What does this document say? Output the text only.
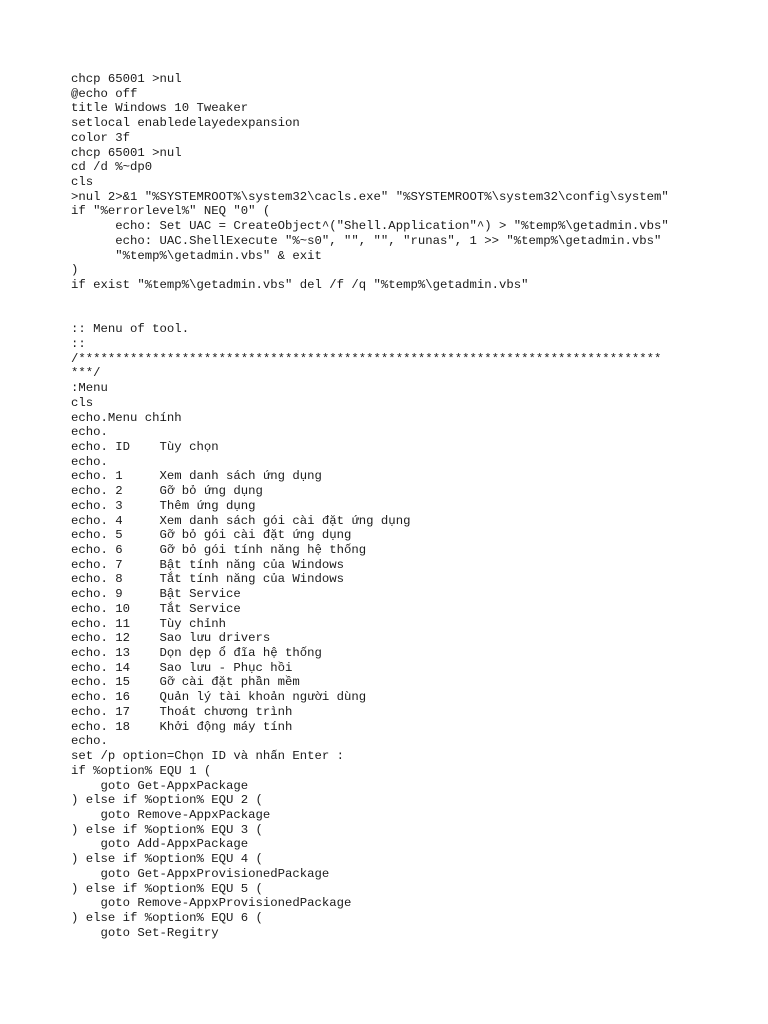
chcp 65001 >nul
@echo off
title Windows 10 Tweaker
setlocal enabledelayedexpansion
color 3f
chcp 65001 >nul
cd /d %~dp0
cls
>nul 2>&1 "%SYSTEMROOT%\system32\cacls.exe" "%SYSTEMROOT%\system32\config\system"
if "%errorlevel%" NEQ "0" (
echo: Set UAC = CreateObject^("Shell.Application"^) > "%temp%\getadmin.vbs"
echo: UAC.ShellExecute "%~s0", "", "", "runas", 1 >> "%temp%\getadmin.vbs"
"%temp%\getadmin.vbs" & exit
)
if exist "%temp%\getadmin.vbs" del /f /q "%temp%\getadmin.vbs"
:: Menu of tool.
::
/*******************************************************************************
***/
:Menu
cls
echo.Menu chính
echo.
echo. ID    Tùy chọn
echo.
echo. 1     Xem danh sách ứng dụng
echo. 2     Gỡ bỏ ứng dụng
echo. 3     Thêm ứng dụng
echo. 4     Xem danh sách gói cài đặt ứng dụng
echo. 5     Gỡ bỏ gói cài đặt ứng dụng
echo. 6     Gỡ bỏ gói tính năng hệ thống
echo. 7     Bật tính năng của Windows
echo. 8     Tắt tính năng của Windows
echo. 9     Bật Service
echo. 10    Tắt Service
echo. 11    Tùy chỉnh
echo. 12    Sao lưu drivers
echo. 13    Dọn dẹp ổ đĩa hệ thống
echo. 14    Sao lưu - Phục hồi
echo. 15    Gỡ cài đặt phần mềm
echo. 16    Quản lý tài khoản người dùng
echo. 17    Thoát chương trình
echo. 18    Khởi động máy tính
echo.
set /p option=Chọn ID và nhấn Enter :
if %option% EQU 1 (
goto Get-AppxPackage
) else if %option% EQU 2 (
goto Remove-AppxPackage
) else if %option% EQU 3 (
goto Add-AppxPackage
) else if %option% EQU 4 (
goto Get-AppxProvisionedPackage
) else if %option% EQU 5 (
goto Remove-AppxProvisionedPackage
) else if %option% EQU 6 (
goto Set-Regitry
